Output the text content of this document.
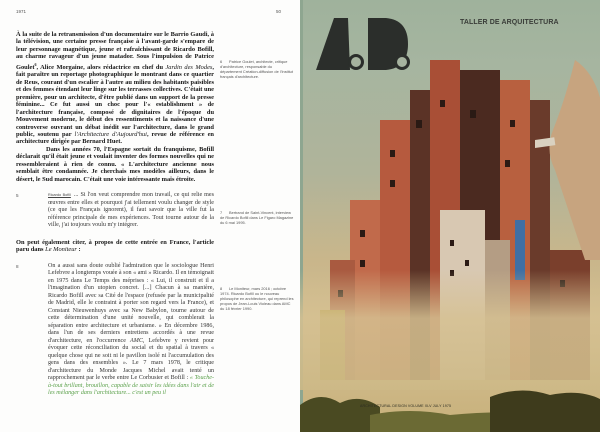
1971	50

À la suite de la retransmission d'un documentaire sur le Barrio Gaudi, à la télévision, une certaine presse française à l'avant-garde s'empare de leur personnage magnétique, jeune et rafraîchissant de Ricardo Bofill, au charme ravageur d'un jeune matador. Sous l'impulsion de Patrice Goulet$^6$, Alice Morgaine, alors rédactrice en chef du Jardin des Modes, fait paraître un reportage photographique le montrant dans ce quartier de Reus, courant d'un escalier à l'autre au milieu des habitants paisibles et des femmes étendant leur linge sur les terrasses collectives. C'était une première, pour un architecte, d'être publié dans un support de la presse féminine... Ce fut aussi un choc pour l'« establishment » de l'architecture française, composé de dignitaires de l'époque du Mouvement moderne, le début des ressentiments et la naissance d'une controverse ouvrant un débat inédit sur l'architecture, dans le grand public, soutenu par l'Architecture d'Aujourd'hui, revue de référence en architecture dirigée par Bernard Huet.

Dans les années 70, l'Espagne sortait du franquisme, Bofill déclarait qu'il était jeune et voulait inventer des formes nouvelles qui ne ressembleraient à rien de connu. « L'architecture ancienne nous semblait être condamnée. Je cherchais mes modèles ailleurs, dans le désert, le Sud marocain. C'était une voie intéressante mais étroite.

5	Ricardo Bofill ... Si l'on veut comprendre mon travail, ce qui relie mes œuvres entre elles et pourquoi j'ai tellement voulu changer de style (ce que les Français ignorent), il faut savoir que la ville fut la référence principale de mes expériences. Tout tourne autour de la ville, j'ai toujours voulu m'y intégrer.

On peut également citer, à propos de cette entrée en France, l'article paru dans Le Moniteur :

8	On a aussi sans doute oublié l'admiration que le sociologue Henri Lefebvre a longtemps vouée à son « ami » Ricardo. Il en témoignait en 1975 dans Le Temps des méprises : « Lui, il construit et il a l'imagination d'un utopien concret. [...] Chacun à sa manière, Ricardo Bofill avec sa Cité de l'espace (refusée par la municipalité de Madrid, elle le contraint à porter son regard vers la France), et Constant Nieuwenhuys avec sa New Babylon, tourne autour de cette détermination d'une unité nouvelle, qui comblerait la séparation entre architecture et urbanisme. » En décembre 1986, dans l'un de ses derniers entretiens accordés à une revue d'architecture, en l'occurrence AMC, Lefebvre y revient pour évoquer cette réconciliation du social et du spatial à travers « quelque chose qui ne soit ni le pavillon isolé ni l'accumulation des gens dans des ensembles ». Le 7 mars 1978, le critique d'architecture du Monde Jacques Michel avait tenté un rapprochement par le verbe entre Le Corbusier et Bofill : « Touche-à-tout brillant, brouillon, capable de saisir les idées dans l'air et de les mélanger dans l'architecture... c'est un peu il
6 Patrice Goulet, architecte, critique d'architecture, responsable du département Création-diffusion de l'Institut français d'architecture.
7 Bertrand de Saint-Vincent, interview de Ricardo Bofill dans Le Figaro Magazine du 6 mai 1995.
8 Le Moniteur, mars 2016 ; octobre 1974. Ricardo Bofill ou le nouveau philosophe en architecture, qui reprend les propos de Jean-Louis Violeau dans AMC du 18 février 1990.
TALLER DE ARQUITECTURA
ARCHITECTURAL DESIGN VOLUME XLV JULY 1975
